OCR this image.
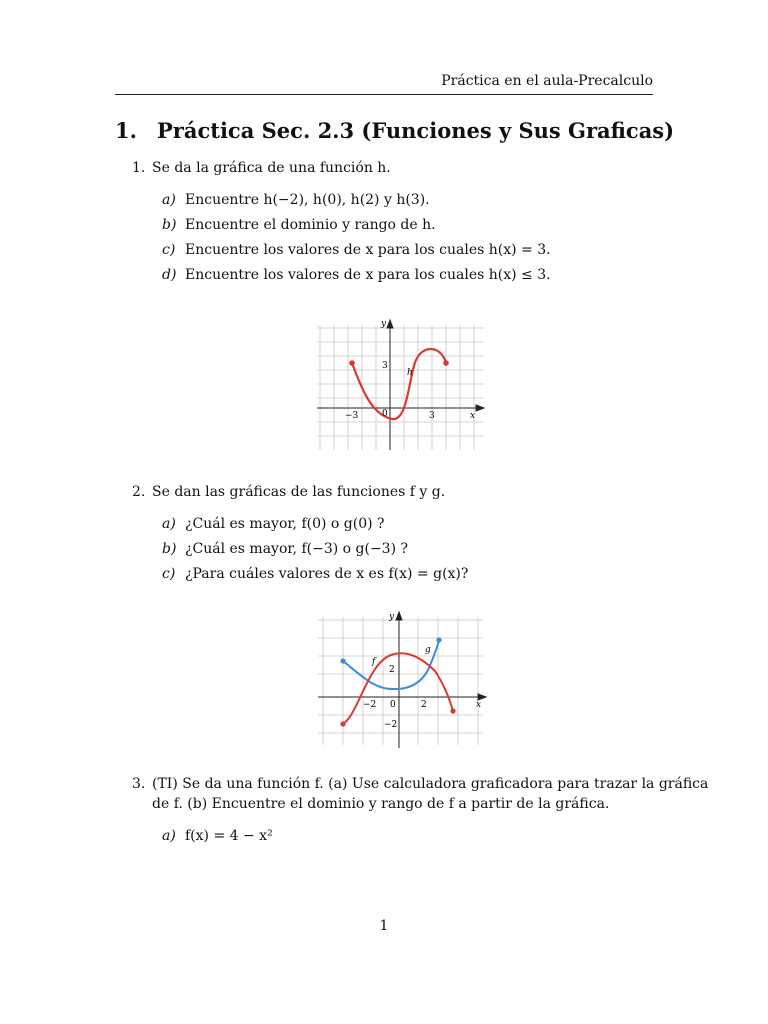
Práctica en el aula-Precalculo
1. Práctica Sec. 2.3 (Funciones y Sus Graficas)
1. Se da la gráfica de una función h.
a) Encuentre h(−2), h(0), h(2) y h(3).
b) Encuentre el dominio y rango de h.
c) Encuentre los valores de x para los cuales h(x) = 3.
d) Encuentre los valores de x para los cuales h(x) ≤ 3.
y
x
h
−3	0	3
3
2. Se dan las gráficas de las funciones f y g.
a) ¿Cuál es mayor, f(0) o g(0) ?
b) ¿Cuál es mayor, f(−3) o g(−3) ?
c) ¿Para cuáles valores de x es f(x) = g(x)?
y
x
f
g
−2 0	2
2
−2
3. (TI) Se da una función f. (a) Use calculadora graficadora para trazar la gráfica
de f. (b) Encuentre el dominio y rango de f a partir de la gráfica.
a) f(x) = 4 − x²
1
